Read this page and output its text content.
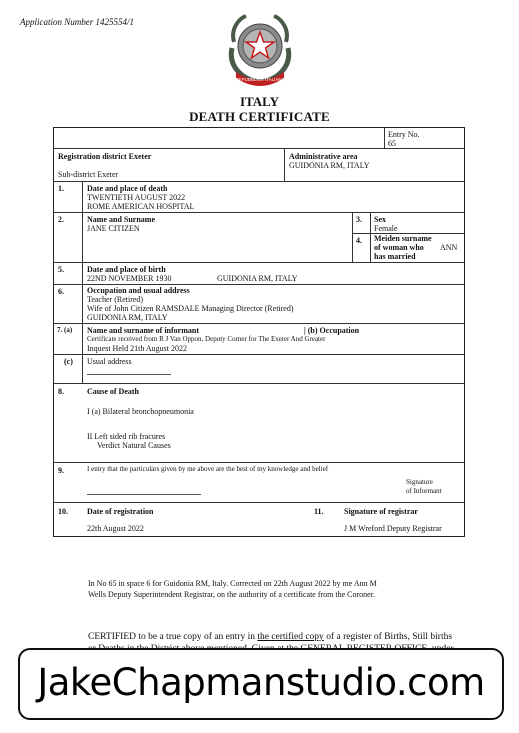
Application Number 1425554/1
REPUBBLICA ITALIANA
ITALY
DEATH CERTIFICATE
Entry No.
65
Registration district Exeter
Sub-district Exeter
Administrative area
GUIDONIA RM, ITALY
1.	Date and place of death
TWENTIETH AUGUST 2022
ROME AMERICAN HOSPITAL
2.	Name and Surname
JANE CITIZEN
3. Sex
Female
4. Meiden surname
of woman who
has married
ANN
5.	Date and place of birth
22ND NOVEMBER 1930	GUIDONIA RM, ITALY
6.	Occupation and usual address
Teacher (Retired)
Wife of John Citizen RAMSDALE Managing Director (Retired)
GUIDONIA RM, ITALY
7. (a) Name and surname of informant	| (b) Occupation
Certificate received from R J Van Oppon, Deputy Corner for The Exeter And Greater
Inquest Held 21th August 2022
(c) Usual address
8.	Cause of Death
I (a) Bilateral bronchopneumonia
II Left sided rib fracures
Verdict Natural Causes
9.	I entry that the particulars given by me above are the best of my knowledge and belief
Signature
of Informant
10. Date of registration
22th August 2022
11.	Signature of registrar
J M Wreford Deputy Registrar
In No 65 in space 6 for Guidonia RM, Italy. Corrected on 22th August 2022 by me Ann M
Wells Deputy Superintendent Registrar, on the authority of a certificate from the Coroner.
CERTIFIED to be a true copy of an entry in the certified copy of a register of Births, Still births
JakeChapmanstudio.com
